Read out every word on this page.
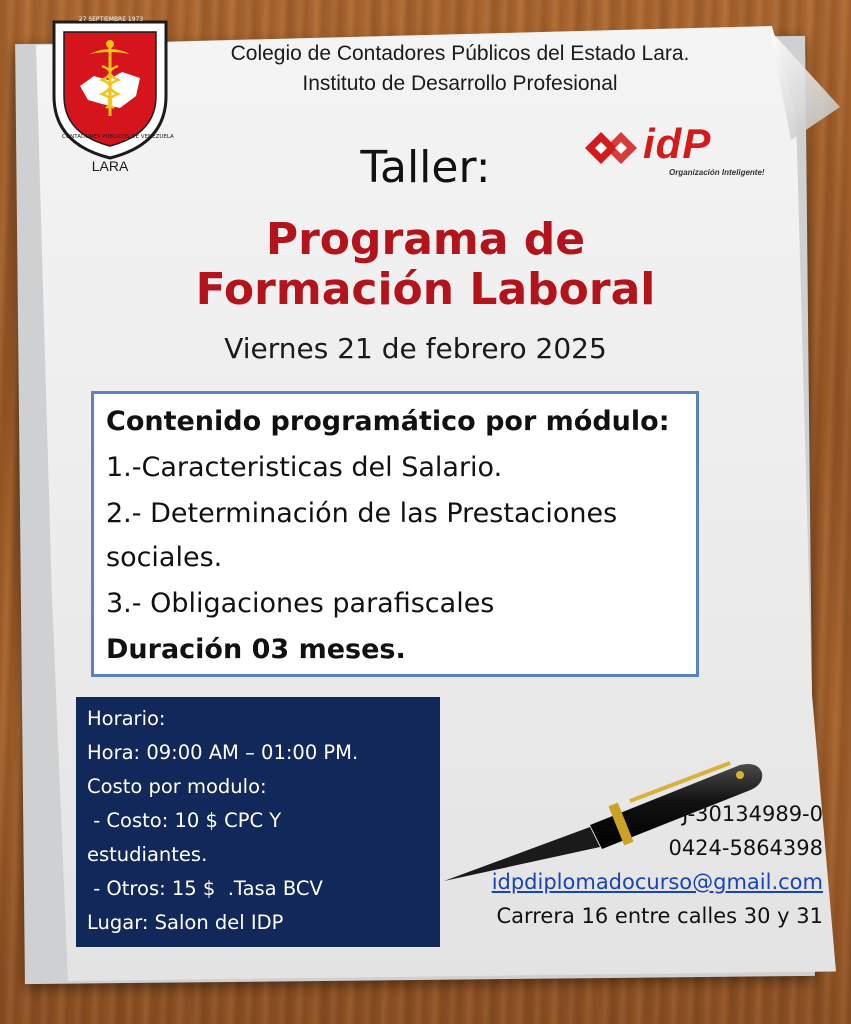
27 SEPTIEMBRE 1973
CONTADORES PÚBLICOS DE VENEZUELA
LARA
Colegio de Contadores Públicos del Estado Lara.
Instituto de Desarrollo Profesional
idP
Organización Inteligente!
Taller:
Programa de
Formación Laboral
Viernes 21 de febrero 2025
Contenido programático por módulo:
1.-Caracteristicas del Salario.
2.- Determinación de las Prestaciones
sociales.
3.- Obligaciones parafiscales
Duración 03 meses.
Horario:
Hora: 09:00 AM – 01:00 PM.
Costo por modulo:
- Costo: 10 $ CPC Y
estudiantes.
- Otros: 15 $  .Tasa BCV
Lugar: Salon del IDP
J-30134989-0
0424-5864398
idpdiplomadocurso@gmail.com
Carrera 16 entre calles 30 y 31
